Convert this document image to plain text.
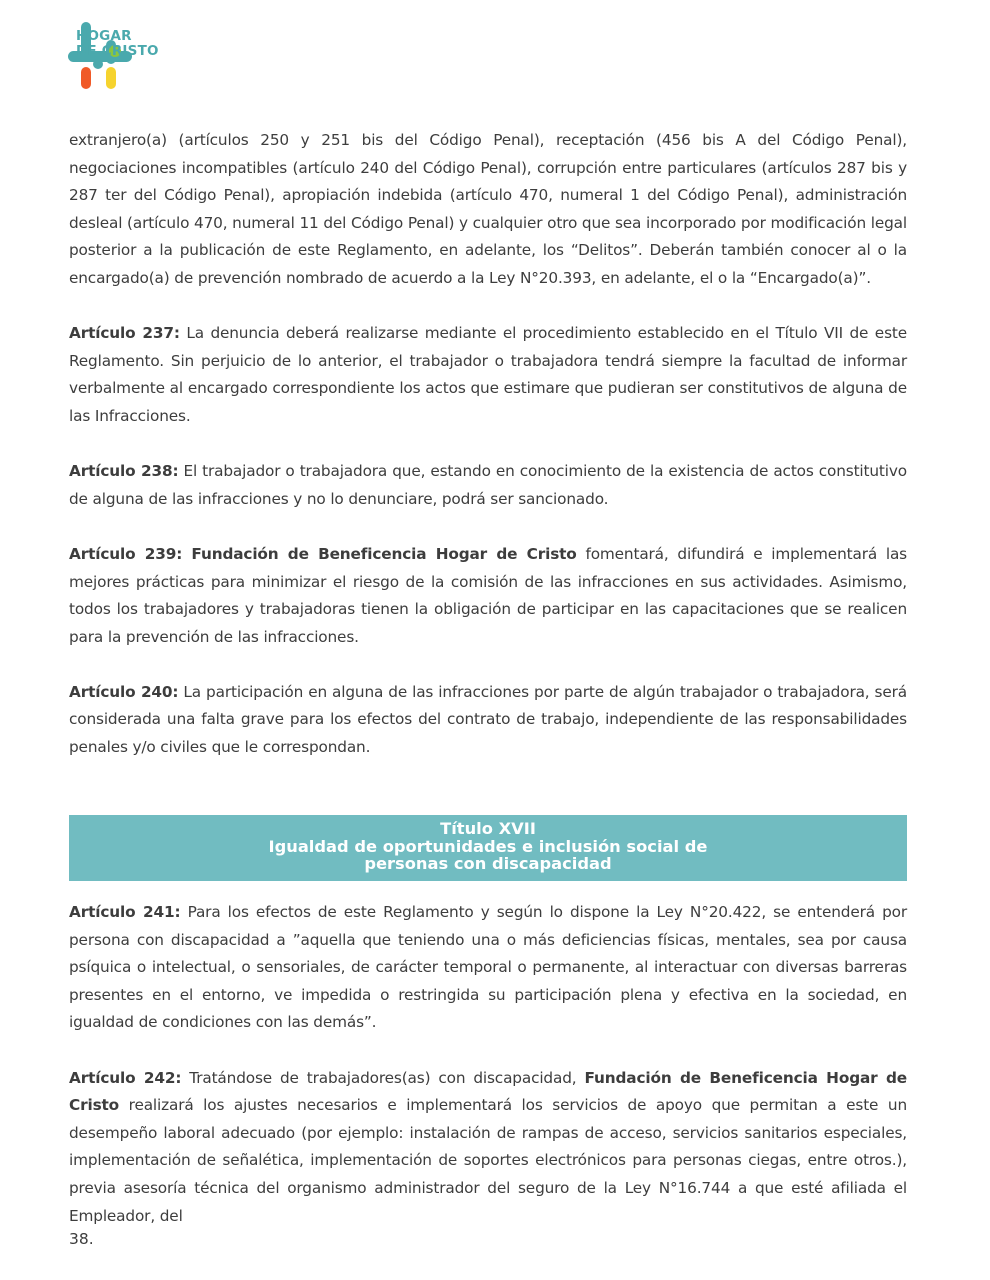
HOGAR
DE CRISTO

extranjero(a) (artículos 250 y 251 bis del Código Penal), receptación (456 bis A del Código Penal), negociaciones incompatibles (artículo 240 del Código Penal), corrupción entre particulares (artículos 287 bis y 287 ter del Código Penal), apropiación indebida (artículo 470, numeral 1 del Código Penal), administración desleal (artículo 470, numeral 11 del Código Penal) y cualquier otro que sea incorporado por modificación legal posterior a la publicación de este Reglamento, en adelante, los “Delitos”. Deberán también conocer al o la encargado(a) de prevención nombrado de acuerdo a la Ley N°20.393, en adelante, el o la “Encargado(a)”.

Artículo 237: La denuncia deberá realizarse mediante el procedimiento establecido en el Título VII de este Reglamento. Sin perjuicio de lo anterior, el trabajador o trabajadora tendrá siempre la facultad de informar verbalmente al encargado correspondiente los actos que estimare que pudieran ser constitutivos de alguna de las Infracciones.

Artículo 238: El trabajador o trabajadora que, estando en conocimiento de la existencia de actos constitutivo de alguna de las infracciones y no lo denunciare, podrá ser sancionado.

Artículo 239: Fundación de Beneficencia Hogar de Cristo fomentará, difundirá e implementará las mejores prácticas para minimizar el riesgo de la comisión de las infracciones en sus actividades. Asimismo, todos los trabajadores y trabajadoras tienen la obligación de participar en las capacitaciones que se realicen para la prevención de las infracciones.

Artículo 240: La participación en alguna de las infracciones por parte de algún trabajador o trabajadora, será considerada una falta grave para los efectos del contrato de trabajo, independiente de las responsabilidades penales y/o civiles que le correspondan.

Título XVII
Igualdad de oportunidades e inclusión social de
personas con discapacidad

Artículo 241: Para los efectos de este Reglamento y según lo dispone la Ley N°20.422, se entenderá por persona con discapacidad a ”aquella que teniendo una o más deficiencias físicas, mentales, sea por causa psíquica o intelectual, o sensoriales, de carácter temporal o permanente, al interactuar con diversas barreras presentes en el entorno, ve impedida o restringida su participación plena y efectiva en la sociedad, en igualdad de condiciones con las demás”.

Artículo 242: Tratándose de trabajadores(as) con discapacidad, Fundación de Beneficencia Hogar de Cristo realizará los ajustes necesarios e implementará los servicios de apoyo que permitan a este un desempeño laboral adecuado (por ejemplo: instalación de rampas de acceso, servicios sanitarios especiales, implementación de señalética, implementación de soportes electrónicos para personas ciegas, entre otros.), previa asesoría técnica del organismo administrador del seguro de la Ley N°16.744 a que esté afiliada el Empleador, del

38.
